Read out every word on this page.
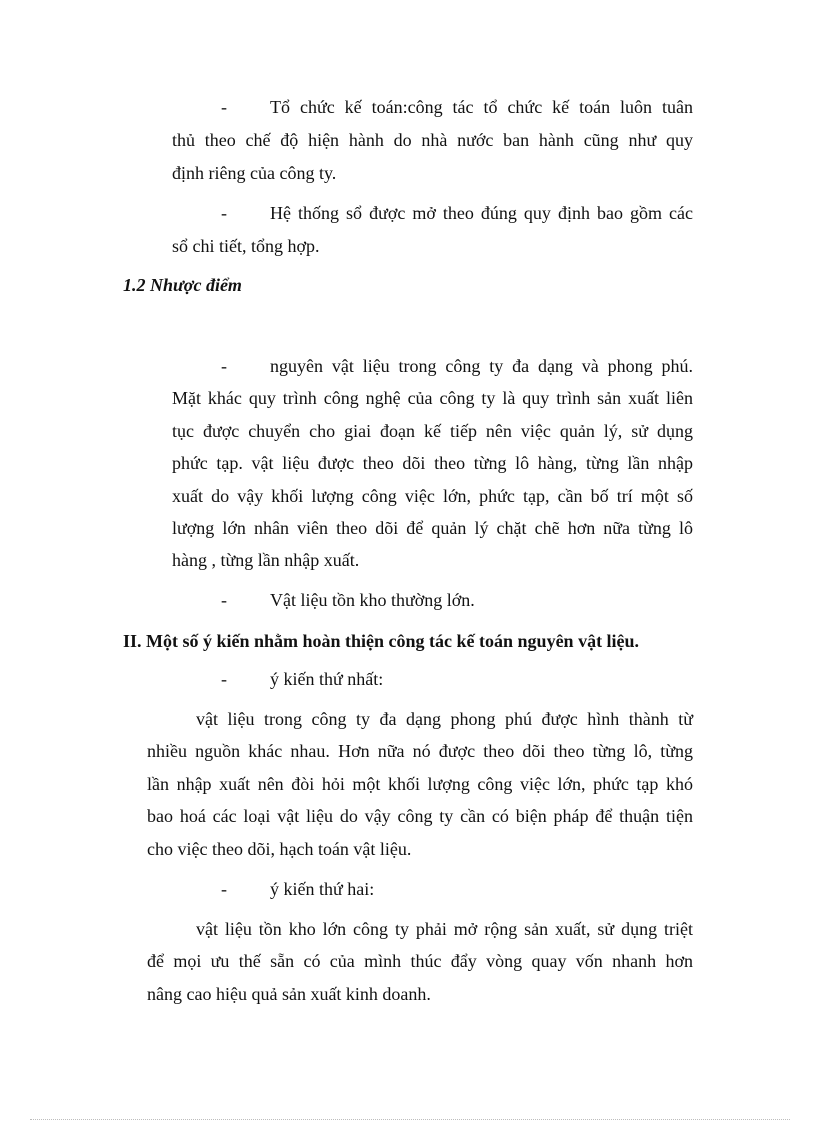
- Tổ chức kế toán:công tác tổ chức kế toán luôn tuân
thủ theo chế độ hiện hành do nhà nước ban hành cũng như quy
định riêng của công ty.
- Hệ thống sổ được mở theo đúng quy định bao gồm các
sổ chi tiết, tổng hợp.
1.2 Nhược điểm
- nguyên vật liệu trong công ty đa dạng và phong phú.
Mặt khác quy trình công nghệ của công ty là quy trình sản xuất liên
tục được chuyển cho giai đoạn kế tiếp nên việc quản lý, sử dụng
phức tạp. vật liệu được theo dõi theo từng lô hàng, từng lần nhập
xuất do vậy khối lượng công việc lớn, phức tạp, cần bố trí một số
lượng lớn nhân viên theo dõi để quản lý chặt chẽ hơn nữa từng lô
hàng , từng lần nhập xuất.
- Vật liệu tồn kho thường lớn.
II. Một số ý kiến nhằm hoàn thiện công tác kế toán nguyên vật liệu.
- ý kiến thứ nhất:
vật liệu trong công ty đa dạng phong phú được hình thành từ
nhiều nguồn khác nhau. Hơn nữa nó được theo dõi theo từng lô, từng
lần nhập xuất nên đòi hỏi một khối lượng công việc lớn, phức tạp khó
bao hoá các loại vật liệu do vậy công ty cần có biện pháp để thuận tiện
cho việc theo dõi, hạch toán vật liệu.
- ý kiến thứ hai:
vật liệu tồn kho lớn công ty phải mở rộng sản xuất, sử dụng triệt
để mọi ưu thế sẵn có của mình thúc đẩy vòng quay vốn nhanh hơn
nâng cao hiệu quả sản xuất kinh doanh.
